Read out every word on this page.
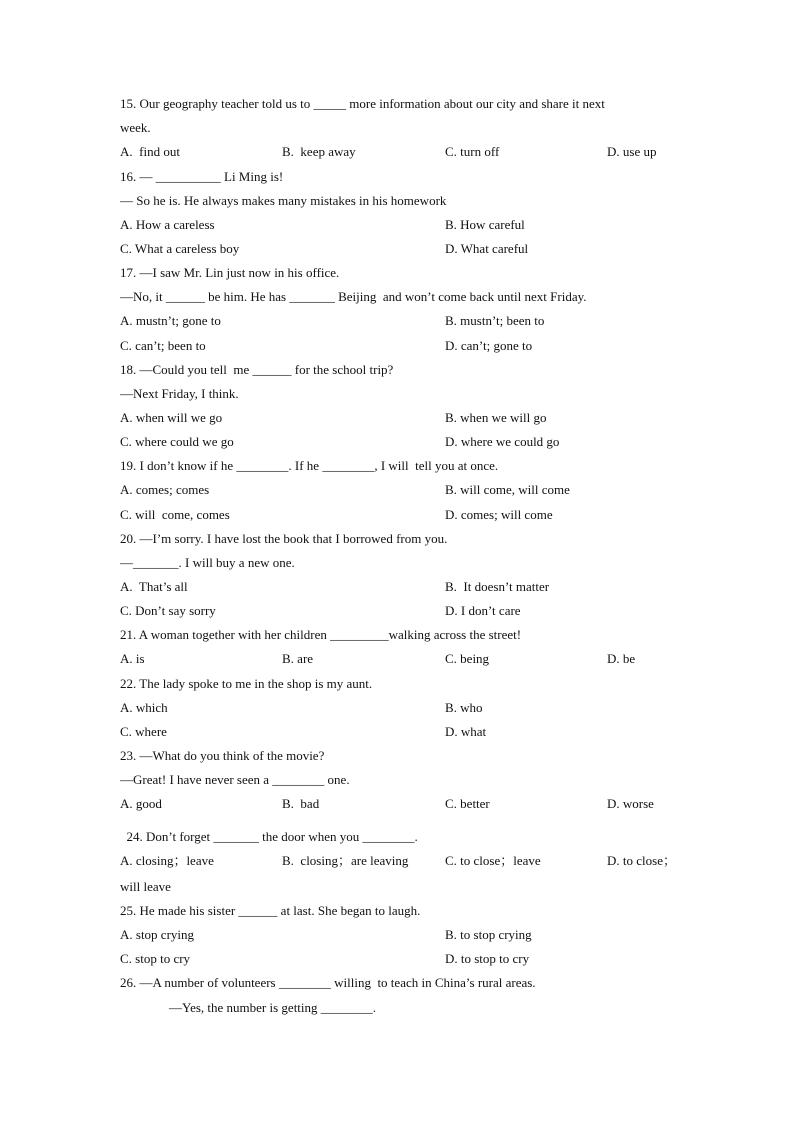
15. Our geography teacher told us to _____ more information about our city and share it next
week.
A.  find out	B.  keep away	C. turn off	D. use up
16. — __________ Li Ming is!
— So he is. He always makes many mistakes in his homework
A. How a careless	B. How careful
C. What a careless boy	D. What careful
17. —I saw Mr. Lin just now in his office.
—No, it ______ be him. He has _______ Beijing  and won’t come back until next Friday.
A. mustn’t; gone to	B. mustn’t; been to
C. can’t; been to	D. can’t; gone to
18. —Could you tell  me ______ for the school trip?
—Next Friday, I think.
A. when will we go	B. when we will go
C. where could we go	D. where we could go
19. I don’t know if he ________. If he ________, I will  tell you at once.
A. comes; comes	B. will come, will come
C. will  come, comes	D. comes; will come
20. —I’m sorry. I have lost the book that I borrowed from you.
—_______. I will buy a new one.
A.  That’s all	B.  It doesn’t matter
C. Don’t say sorry	D. I don’t care
21. A woman together with her children _________walking across the street!
A. is	B. are	C. being	D. be
22. The lady spoke to me in the shop is my aunt.
A. which	B. who
C. where	D. what
23. —What do you think of the movie?
—Great! I have never seen a ________ one.
A. good	B.  bad	C. better	D. worse
24. Don’t forget _______ the door when you ________.
A. closing；leave	B.  closing；are leaving	C. to close；leave	D. to close；
will leave
25. He made his sister ______ at last. She began to laugh.
A. stop crying	B. to stop crying
C. stop to cry	D. to stop to cry
26. —A number of volunteers ________ willing  to teach in China’s rural areas.
—Yes, the number is getting ________.
